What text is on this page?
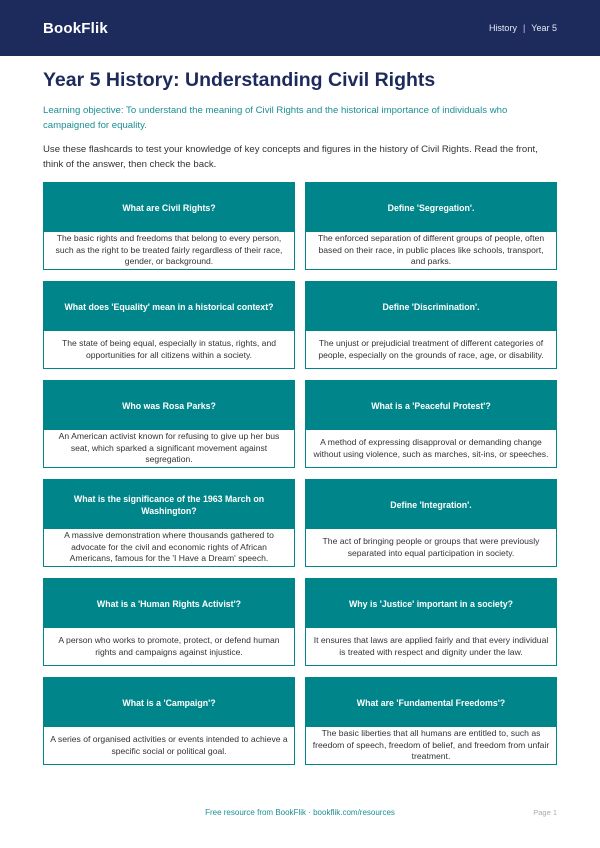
BookFlik	History | Year 5
Year 5 History: Understanding Civil Rights
Learning objective: To understand the meaning of Civil Rights and the historical importance of individuals who campaigned for equality.
Use these flashcards to test your knowledge of key concepts and figures in the history of Civil Rights. Read the front, think of the answer, then check the back.
What are Civil Rights?
The basic rights and freedoms that belong to every person, such as the right to be treated fairly regardless of their race, gender, or background.
Define 'Segregation'.
The enforced separation of different groups of people, often based on their race, in public places like schools, transport, and parks.
What does 'Equality' mean in a historical context?
The state of being equal, especially in status, rights, and opportunities for all citizens within a society.
Define 'Discrimination'.
The unjust or prejudicial treatment of different categories of people, especially on the grounds of race, age, or disability.
Who was Rosa Parks?
An American activist known for refusing to give up her bus seat, which sparked a significant movement against segregation.
What is a 'Peaceful Protest'?
A method of expressing disapproval or demanding change without using violence, such as marches, sit-ins, or speeches.
What is the significance of the 1963 March on Washington?
A massive demonstration where thousands gathered to advocate for the civil and economic rights of African Americans, famous for the 'I Have a Dream' speech.
Define 'Integration'.
The act of bringing people or groups that were previously separated into equal participation in society.
What is a 'Human Rights Activist'?
A person who works to promote, protect, or defend human rights and campaigns against injustice.
Why is 'Justice' important in a society?
It ensures that laws are applied fairly and that every individual is treated with respect and dignity under the law.
What is a 'Campaign'?
A series of organised activities or events intended to achieve a specific social or political goal.
What are 'Fundamental Freedoms'?
The basic liberties that all humans are entitled to, such as freedom of speech, freedom of belief, and freedom from unfair treatment.
Free resource from BookFlik · bookflik.com/resources	Page 1
